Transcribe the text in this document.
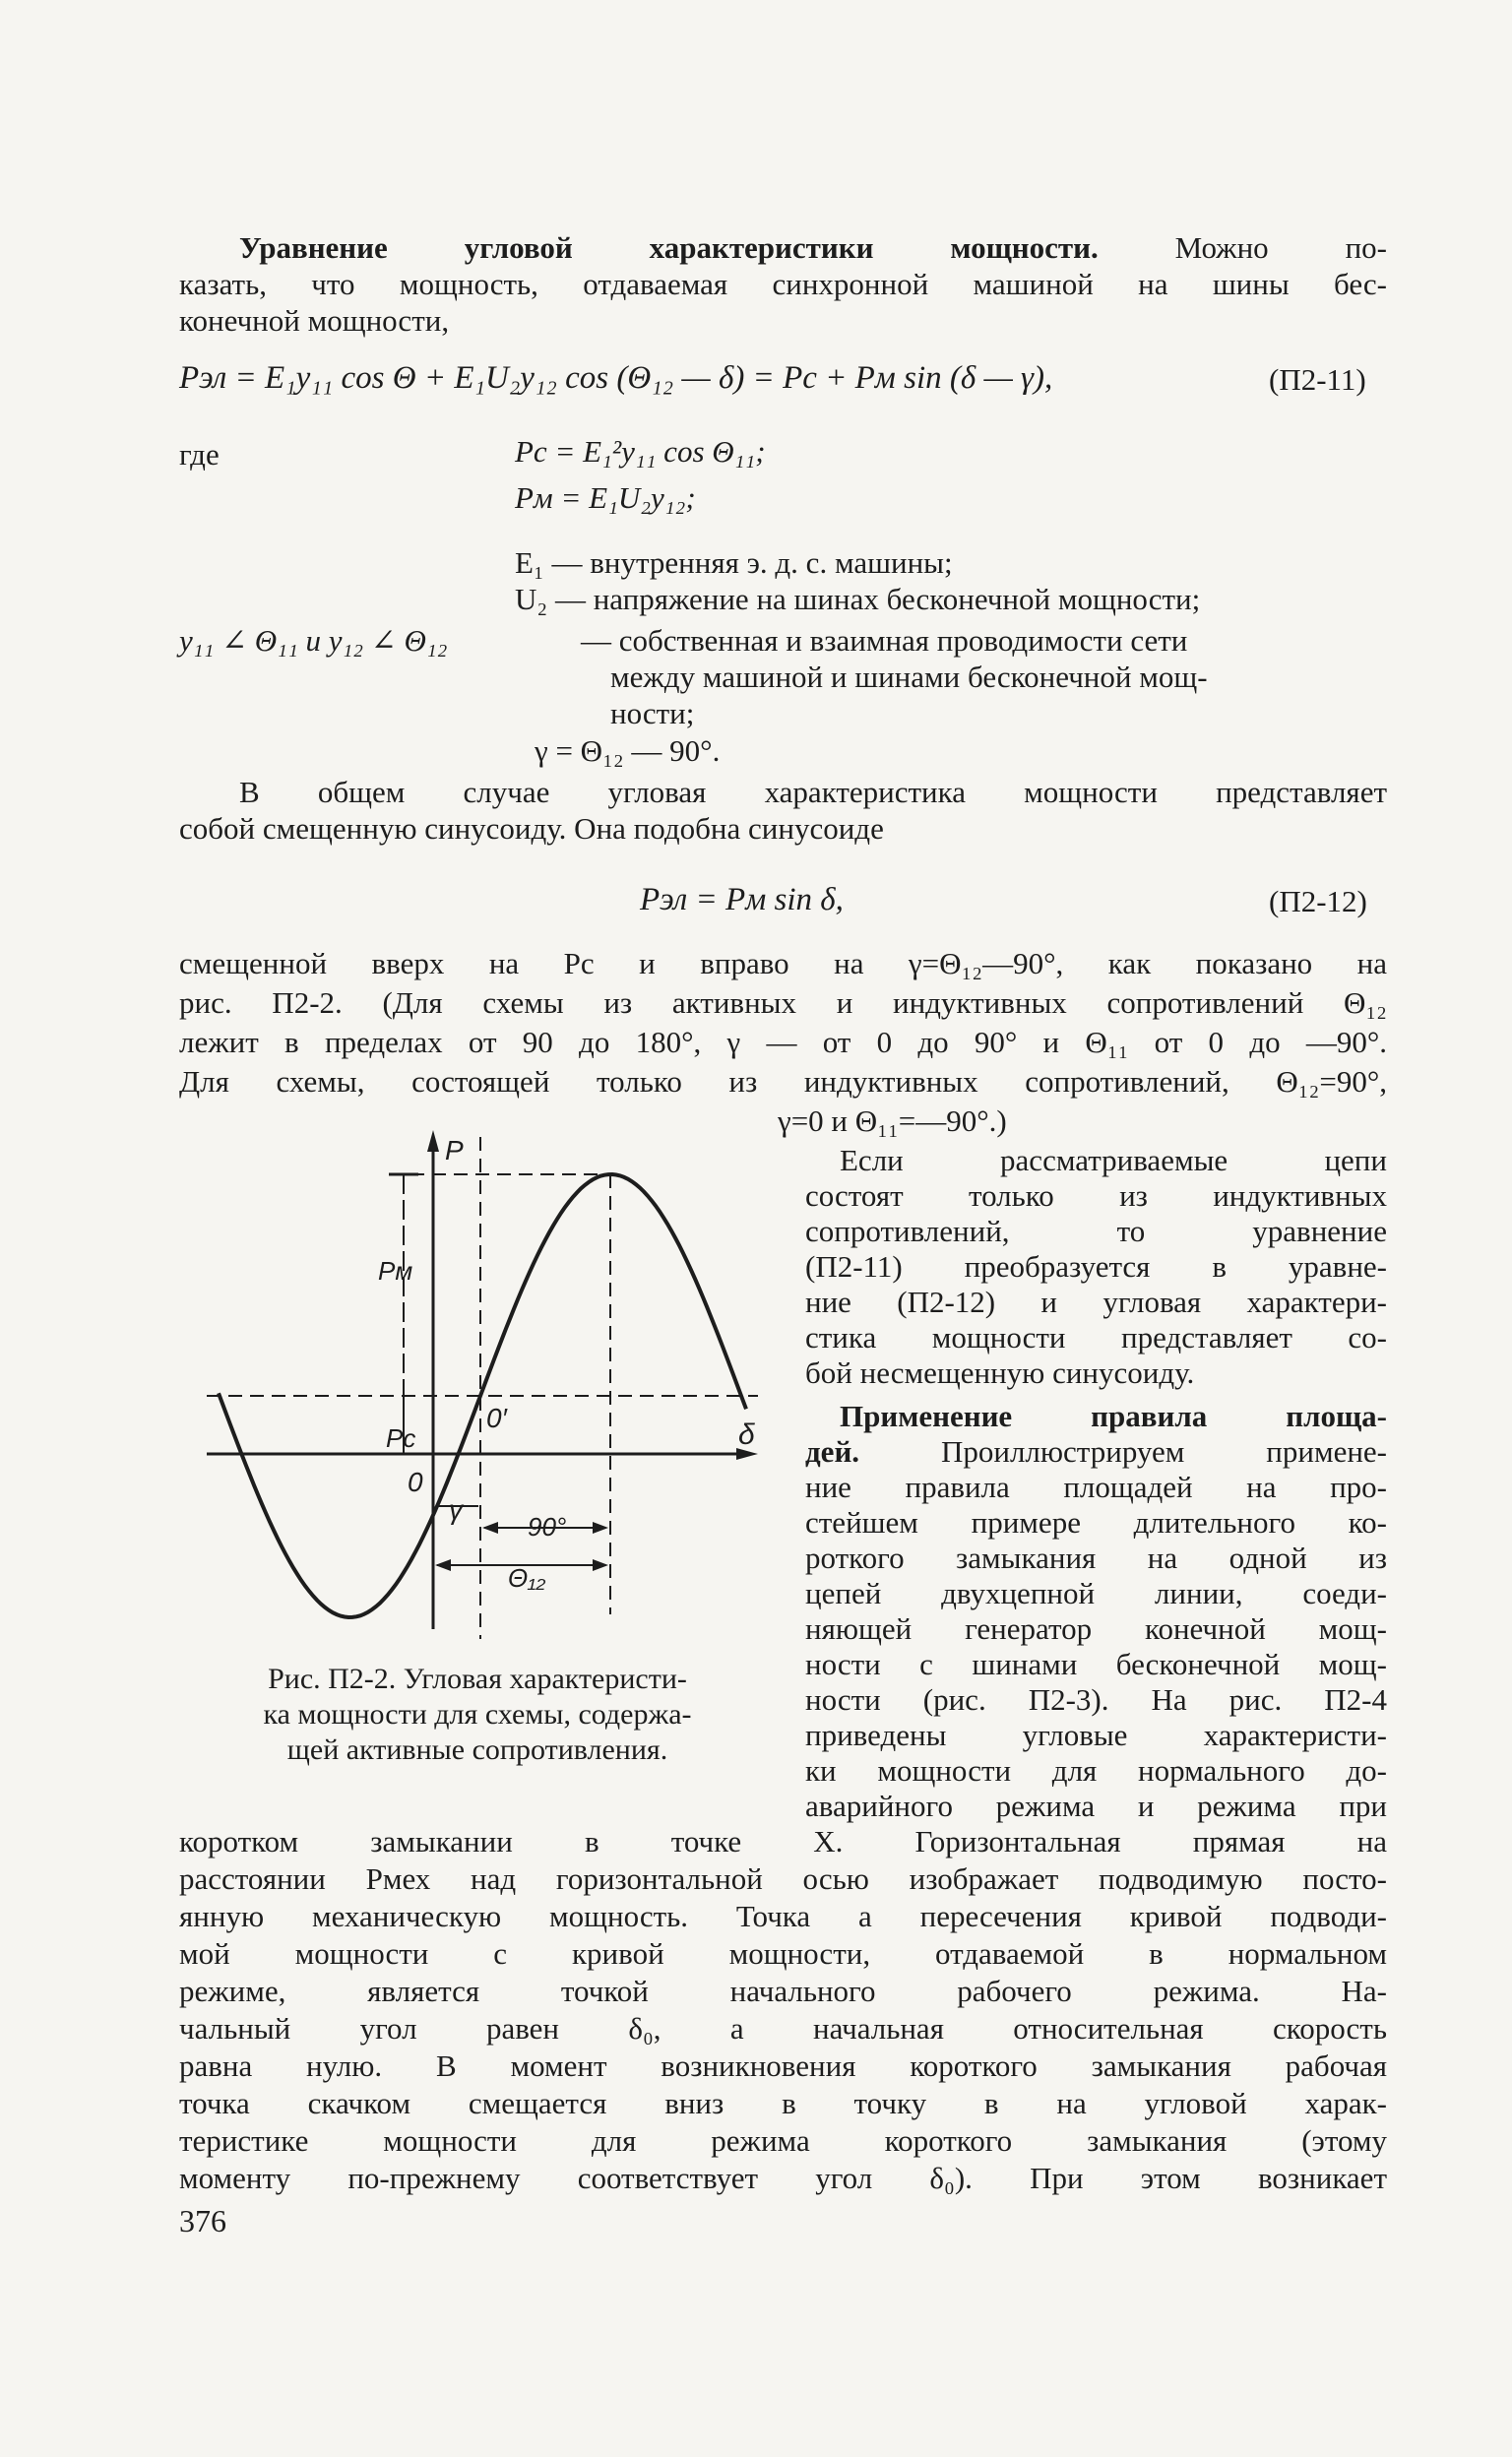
Уравнение угловой характеристики мощности.	Можно по-
казать, что мощность, отдаваемая синхронной машиной на шины бес-
конечной мощности,
Pэл = E₁y₁₁ cos Θ + E₁U₂y₁₂ cos (Θ₁₂ — δ) = Pс + Pм sin (δ — γ),	(П2-11)
где	Pс = E₁²y₁₁ cos Θ₁₁;
Pм = E₁U₂y₁₂;
E₁ — внутренняя э. д. с. машины;
U₂ — напряжение на шинах бесконечной мощности;
y₁₁ ∠ Θ₁₁ и y₁₂ ∠ Θ₁₂	— собственная и взаимная проводимости сети
между машиной и шинами бесконечной мощ-
ности;
γ = Θ₁₂ — 90°.
В общем случае угловая характеристика мощности представляет
собой смещенную синусоиду. Она подобна синусоиде
Pэл = Pм sin δ,	(П2-12)
смещенной вверх на Pс и вправо на γ=Θ₁₂—90°, как показано на
рис. П2-2. (Для схемы из активных и индуктивных сопротивлений Θ₁₂
лежит в пределах от 90 до 180°, γ — от 0 до 90° и Θ₁₁ от 0 до —90°.
Для схемы, состоящей только из индуктивных сопротивлений, Θ₁₂=90°,
γ=0 и Θ₁₁=—90°.)
Если рассматриваемые цепи
состоят только из индуктивных
сопротивлений, то уравнение
(П2-11) преобразуется в уравне-
ние (П2-12) и угловая характери-
стика мощности представляет со-
бой несмещенную синусоиду.
Применение правила площа-
дей.	Проиллюстрируем примене-
ние правила площадей на про-
стейшем примере длительного ко-
роткого замыкания на одной из
цепей двухцепной линии, соеди-
няющей генератор конечной мощ-
ности с шинами бесконечной мощ-
ности (рис. П2-3). На рис. П2-4
приведены угловые характеристи-
ки мощности для нормального до-
аварийного режима и режима при
коротком замыкании в точке X. Горизонтальная прямая на
расстоянии Pмех над горизонтальной осью изображает подводимую посто-
янную механическую мощность. Точка a пересечения кривой подводи-
мой мощности с кривой мощности, отдаваемой в нормальном
режиме, является точкой начального рабочего режима. На-
чальный угол равен δ₀, а начальная относительная скорость
равна нулю. В момент возникновения короткого замыкания рабочая
точка скачком смещается вниз в точку в на угловой харак-
теристике мощности для режима короткого замыкания (этому
моменту по-прежнему соответствует угол δ₀). При этом возникает
376
P
Pм
Pс
0
0′
δ
γ
90°
Θ₁₂
Рис. П2-2. Угловая характеристи-
ка мощности для схемы, содержа-
щей активные сопротивления.
